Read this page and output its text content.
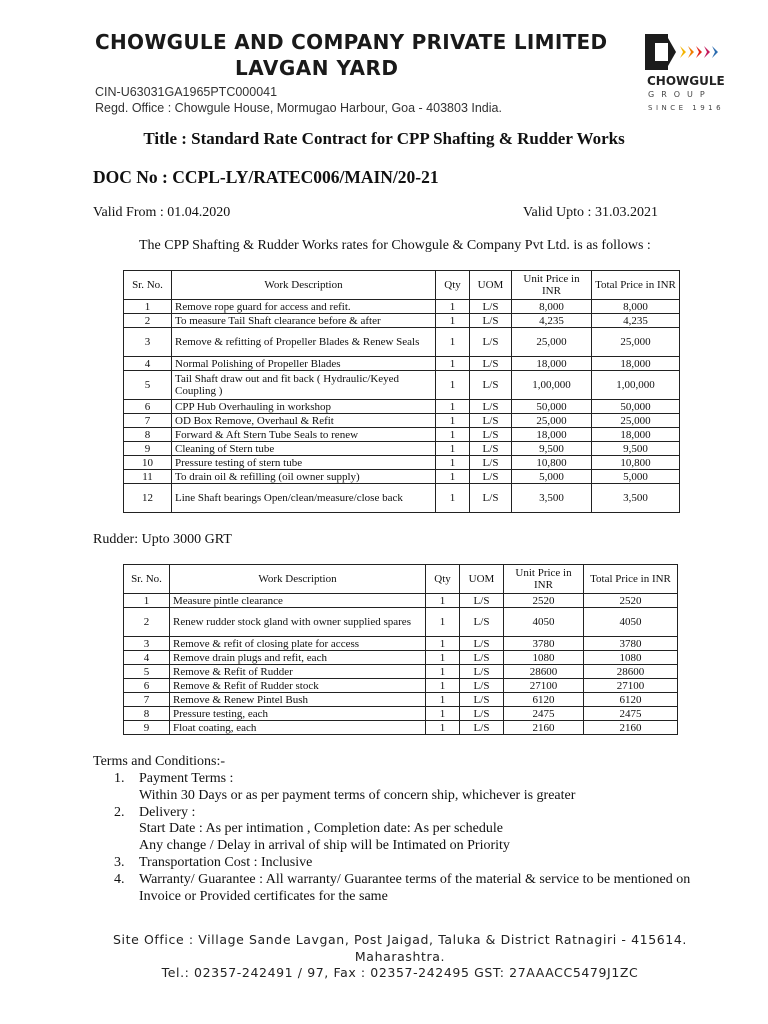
CHOWGULE AND COMPANY PRIVATE LIMITED
LAVGAN YARD
CIN-U63031GA1965PTC000041
Regd. Office : Chowgule House, Mormugao Harbour, Goa - 403803 India.
CHOWGULE
GROUP
SINCE 1916
Title : Standard Rate Contract for CPP Shafting & Rudder Works
DOC No : CCPL-LY/RATEC006/MAIN/20-21
Valid From : 01.04.2020	Valid Upto : 31.03.2021
The CPP Shafting & Rudder Works rates for Chowgule & Company Pvt Ltd. is as follows :
Sr. No.	Work Description	Qty	UOM	Unit Price in INR	Total Price in INR
1	Remove rope guard for access and refit.	1	L/S	8,000	8,000
2	To measure Tail Shaft clearance before & after	1	L/S	4,235	4,235
3	Remove & refitting of Propeller Blades & Renew Seals	1	L/S	25,000	25,000
4	Normal Polishing of Propeller Blades	1	L/S	18,000	18,000
5	Tail Shaft draw out and fit back ( Hydraulic/Keyed Coupling )	1	L/S	1,00,000	1,00,000
6	CPP Hub Overhauling in workshop	1	L/S	50,000	50,000
7	OD Box Remove, Overhaul & Refit	1	L/S	25,000	25,000
8	Forward & Aft Stern Tube Seals to renew	1	L/S	18,000	18,000
9	Cleaning of Stern tube	1	L/S	9,500	9,500
10	Pressure testing of stern tube	1	L/S	10,800	10,800
11	To drain oil & refilling (oil owner supply)	1	L/S	5,000	5,000
12	Line Shaft bearings Open/clean/measure/close back	1	L/S	3,500	3,500
Rudder: Upto 3000 GRT
Sr. No.	Work Description	Qty	UOM	Unit Price in INR	Total Price in INR
1	Measure pintle clearance	1	L/S	2520	2520
2	Renew rudder stock gland with owner supplied spares	1	L/S	4050	4050
3	Remove & refit of closing plate for access	1	L/S	3780	3780
4	Remove drain plugs and refit, each	1	L/S	1080	1080
5	Remove & Refit of Rudder	1	L/S	28600	28600
6	Remove & Refit of Rudder stock	1	L/S	27100	27100
7	Remove & Renew Pintel Bush	1	L/S	6120	6120
8	Pressure testing, each	1	L/S	2475	2475
9	Float coating, each	1	L/S	2160	2160
Terms and Conditions:-
1. Payment Terms :
Within 30 Days or as per payment terms of concern ship, whichever is greater
2. Delivery :
Start Date : As per intimation , Completion date: As per schedule
Any change / Delay in arrival of ship will be Intimated on Priority
3. Transportation Cost : Inclusive
4. Warranty/ Guarantee : All warranty/ Guarantee terms of the material & service to be mentioned on Invoice or Provided certificates for the same
Site Office : Village Sande Lavgan, Post Jaigad, Taluka & District Ratnagiri - 415614.
Maharashtra.
Tel.: 02357-242491 / 97, Fax : 02357-242495 GST: 27AAACC5479J1ZC
